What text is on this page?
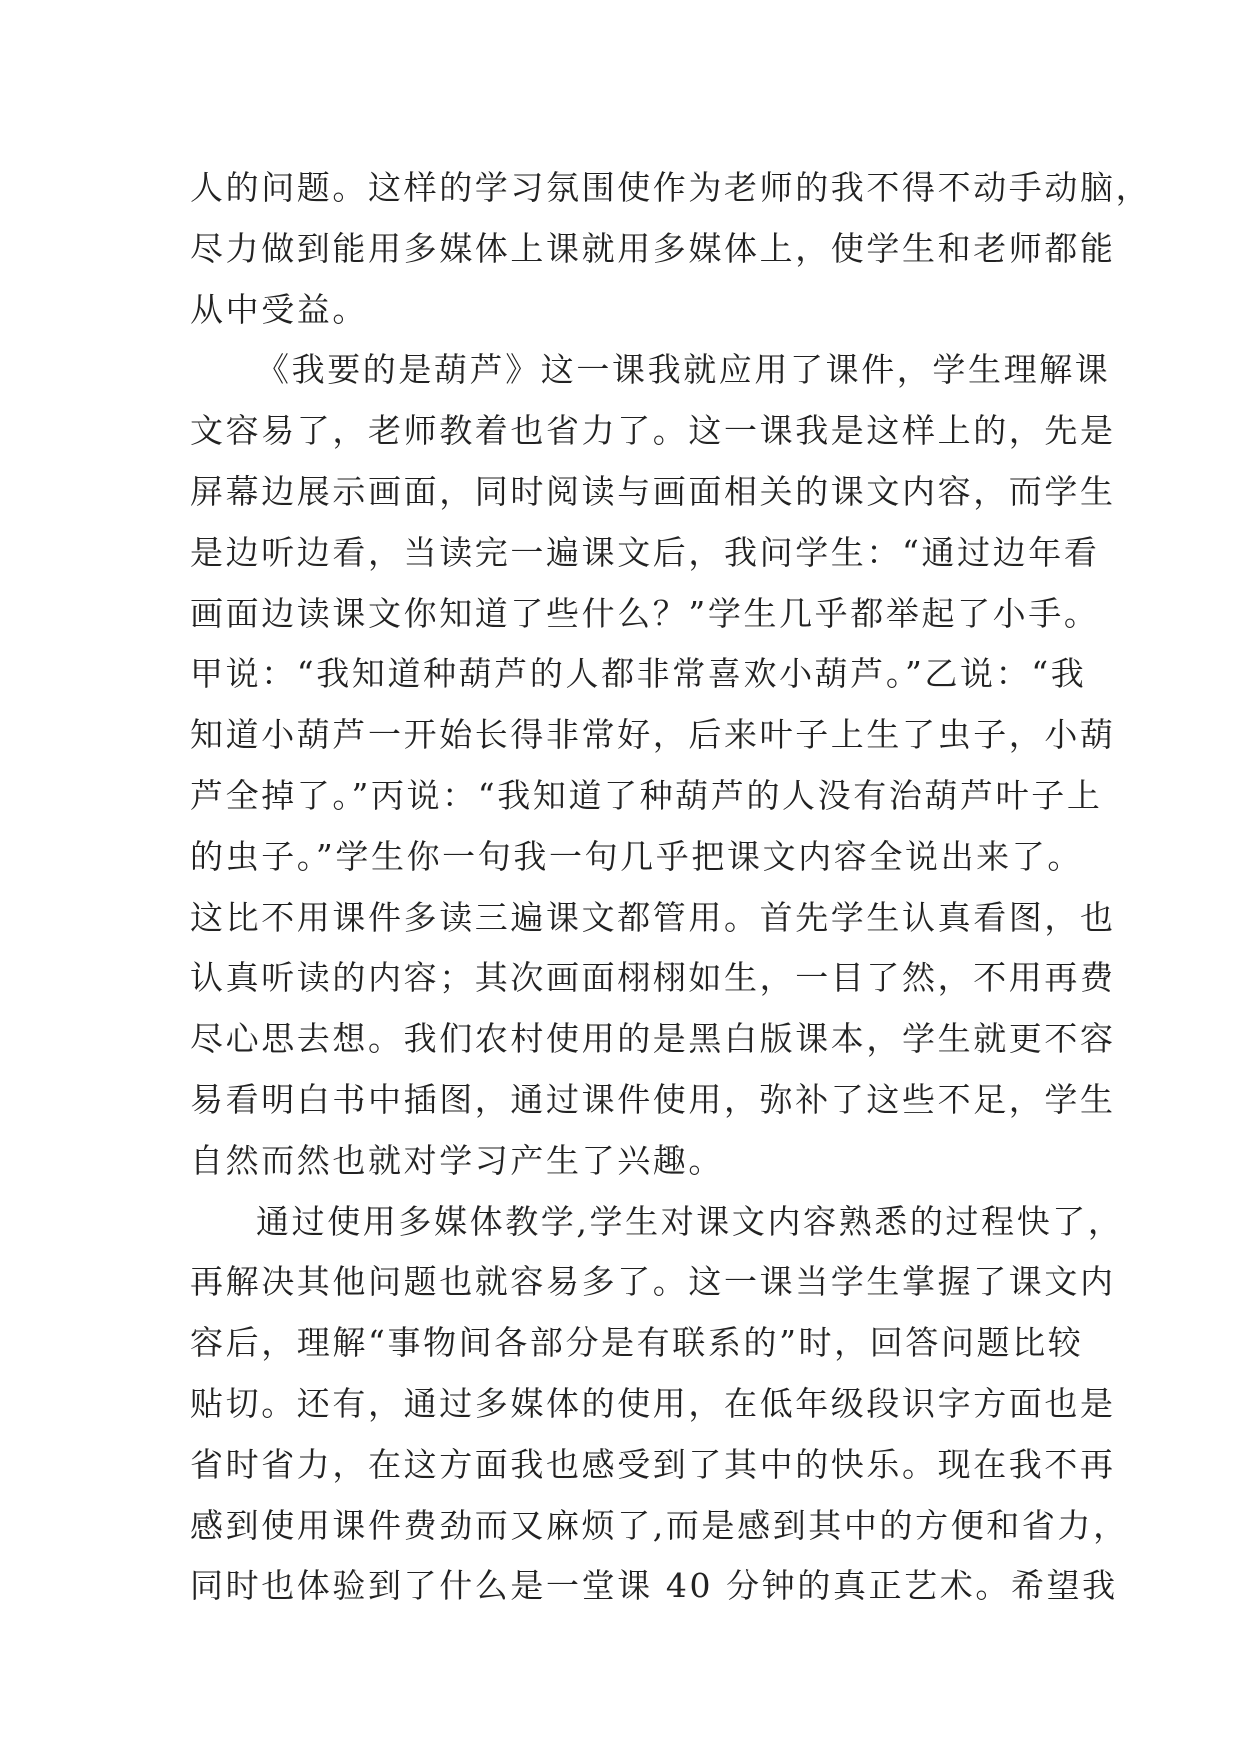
人的问题。这样的学习氛围使作为老师的我不得不动手动脑，
尽力做到能用多媒体上课就用多媒体上，使学生和老师都能
从中受益。
《我要的是葫芦》这一课我就应用了课件，学生理解课
文容易了，老师教着也省力了。这一课我是这样上的，先是
屏幕边展示画面，同时阅读与画面相关的课文内容，而学生
是边听边看，当读完一遍课文后，我问学生：“通过边年看
画面边读课文你知道了些什么？”学生几乎都举起了小手。
甲说：“我知道种葫芦的人都非常喜欢小葫芦。”乙说：“我
知道小葫芦一开始长得非常好，后来叶子上生了虫子，小葫
芦全掉了。”丙说：“我知道了种葫芦的人没有治葫芦叶子上
的虫子。”学生你一句我一句几乎把课文内容全说出来了。
这比不用课件多读三遍课文都管用。首先学生认真看图，也
认真听读的内容；其次画面栩栩如生，一目了然，不用再费
尽心思去想。我们农村使用的是黑白版课本，学生就更不容
易看明白书中插图，通过课件使用，弥补了这些不足，学生
自然而然也就对学习产生了兴趣。
通过使用多媒体教学,学生对课文内容熟悉的过程快了，
再解决其他问题也就容易多了。这一课当学生掌握了课文内
容后，理解“事物间各部分是有联系的”时，回答问题比较
贴切。还有，通过多媒体的使用，在低年级段识字方面也是
省时省力，在这方面我也感受到了其中的快乐。现在我不再
感到使用课件费劲而又麻烦了,而是感到其中的方便和省力，
同时也体验到了什么是一堂课 40 分钟的真正艺术。希望我
